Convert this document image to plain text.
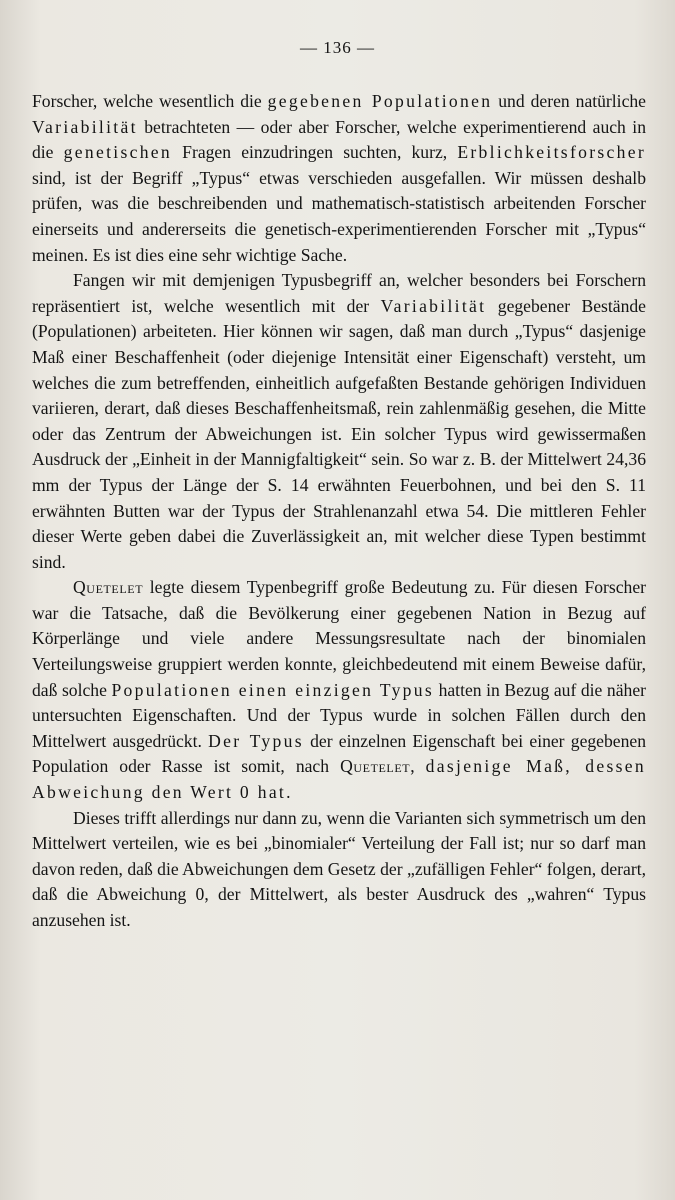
— 136 —

Forscher, welche wesentlich die gegebenen Populationen und deren natürliche Variabilität betrachteten — oder aber Forscher, welche experimentierend auch in die genetischen Fragen einzudringen suchten, kurz, Erblichkeitsforscher sind, ist der Begriff „Typus“ etwas verschieden ausgefallen. Wir müssen deshalb prüfen, was die beschreibenden und mathematisch-statistisch arbeitenden Forscher einerseits und andererseits die genetisch-experimentierenden Forscher mit „Typus“ meinen. Es ist dies eine sehr wichtige Sache.

Fangen wir mit demjenigen Typusbegriff an, welcher besonders bei Forschern repräsentiert ist, welche wesentlich mit der Variabilität gegebener Bestände (Populationen) arbeiteten. Hier können wir sagen, daß man durch „Typus“ dasjenige Maß einer Beschaffenheit (oder diejenige Intensität einer Eigenschaft) versteht, um welches die zum betreffenden, einheitlich aufgefaßten Bestande gehörigen Individuen variieren, derart, daß dieses Beschaffenheitsmaß, rein zahlenmäßig gesehen, die Mitte oder das Zentrum der Abweichungen ist. Ein solcher Typus wird gewissermaßen Ausdruck der „Einheit in der Mannigfaltigkeit“ sein. So war z. B. der Mittelwert 24,36 mm der Typus der Länge der S. 14 erwähnten Feuerbohnen, und bei den S. 11 erwähnten Butten war der Typus der Strahlenanzahl etwa 54. Die mittleren Fehler dieser Werte geben dabei die Zuverlässigkeit an, mit welcher diese Typen bestimmt sind.

Quetelet legte diesem Typenbegriff große Bedeutung zu. Für diesen Forscher war die Tatsache, daß die Bevölkerung einer gegebenen Nation in Bezug auf Körperlänge und viele andere Messungsresultate nach der binomialen Verteilungsweise gruppiert werden konnte, gleichbedeutend mit einem Beweise dafür, daß solche Populationen einen einzigen Typus hatten in Bezug auf die näher untersuchten Eigenschaften. Und der Typus wurde in solchen Fällen durch den Mittelwert ausgedrückt. Der Typus der einzelnen Eigenschaft bei einer gegebenen Population oder Rasse ist somit, nach Quetelet, dasjenige Maß, dessen Abweichung den Wert 0 hat.

Dieses trifft allerdings nur dann zu, wenn die Varianten sich symmetrisch um den Mittelwert verteilen, wie es bei „binomialer“ Verteilung der Fall ist; nur so darf man davon reden, daß die Abweichungen dem Gesetz der „zufälligen Fehler“ folgen, derart, daß die Abweichung 0, der Mittelwert, als bester Ausdruck des „wahren“ Typus anzusehen ist.
